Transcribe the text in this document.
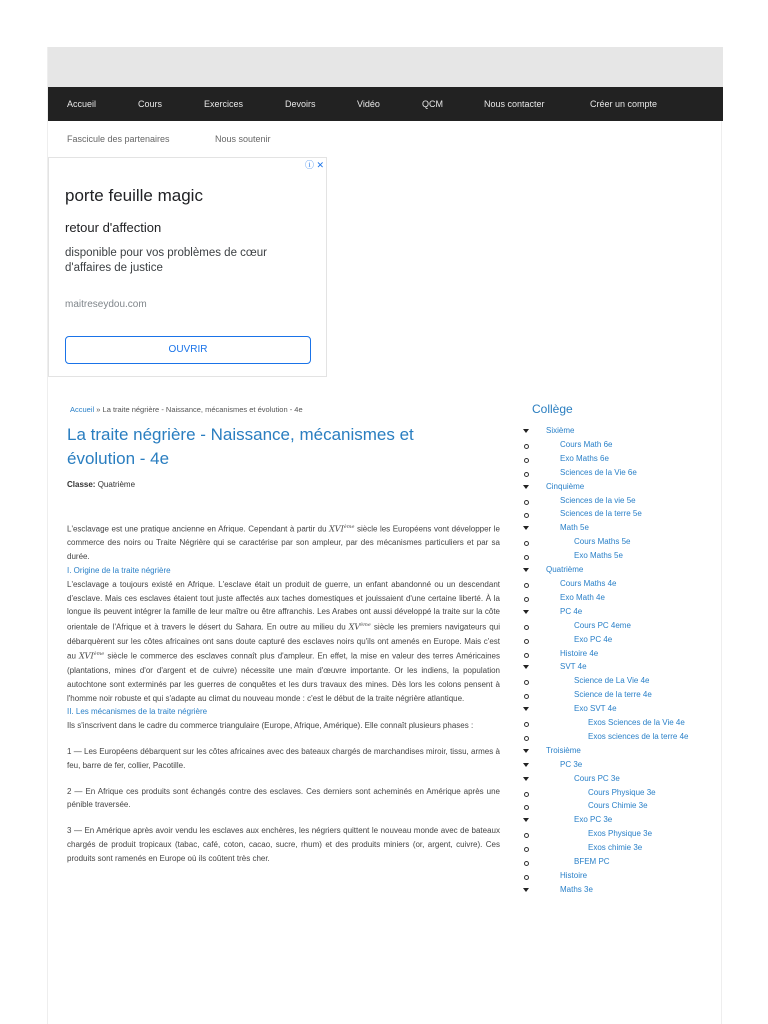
Accueil	Cours	Exercices	Devoirs	Vidéo	QCM	Nous contacter	Créer un compte
Fascicule des partenaires	Nous soutenir
ⓘ ✕
porte feuille magic
retour d'affection
disponible pour vos problèmes de cœur d'affaires de justice
maitreseydou.com
OUVRIR
Accueil » La traite négrière - Naissance, mécanismes et évolution - 4e
La traite négrière - Naissance, mécanismes et évolution - 4e
Classe: Quatrième

L'esclavage est une pratique ancienne en Afrique. Cependant à partir du XVIème siècle les Européens vont développer le commerce des noirs ou Traite Négrière qui se caractérise par son ampleur, par des mécanismes particuliers et par sa durée.

I. Origine de la traite négrière

L'esclavage a toujours existé en Afrique. L'esclave était un produit de guerre, un enfant abandonné ou un descendant d'esclave. Mais ces esclaves étaient tout juste affectés aux taches domestiques et jouissaient d'une certaine liberté. À la longue ils peuvent intégrer la famille de leur maître ou être affranchis. Les Arabes ont aussi développé la traite sur la côte orientale de l'Afrique et à travers le désert du Sahara. En outre au milieu du XVème siècle les premiers navigateurs qui débarquèrent sur les côtes africaines ont sans doute capturé des esclaves noirs qu'ils ont amenés en Europe. Mais c'est au XVIème siècle le commerce des esclaves connaît plus d'ampleur. En effet, la mise en valeur des terres Américaines (plantations, mines d'or d'argent et de cuivre) nécessite une main d'œuvre importante. Or les indiens, la population autochtone sont exterminés par les guerres de conquêtes et les durs travaux des mines. Dès lors les colons pensent à l'homme noir robuste et qui s'adapte au climat du nouveau monde : c'est le début de la traite négrière atlantique.

II. Les mécanismes de la traite négrière

Ils s'inscrivent dans le cadre du commerce triangulaire (Europe, Afrique, Amérique). Elle connaît plusieurs phases :

1 — Les Européens débarquent sur les côtes africaines avec des bateaux chargés de marchandises miroir, tissu, armes à feu, barre de fer, collier, Pacotille.

2 — En Afrique ces produits sont échangés contre des esclaves. Ces derniers sont acheminés en Amérique après une pénible traversée.

3 — En Amérique après avoir vendu les esclaves aux enchères, les négriers quittent le nouveau monde avec de bateaux chargés de produit tropicaux (tabac, café, coton, cacao, sucre, rhum) et des produits miniers (or, argent, cuivre). Ces produits sont ramenés en Europe où ils coûtent très cher.

Collège
Sixième
Cours Math 6e
Exo Maths 6e
Sciences de la Vie 6e
Cinquième
Sciences de la vie 5e
Sciences de la terre 5e
Math 5e
Cours Maths 5e
Exo Maths 5e
Quatrième
Cours Maths 4e
Exo Math 4e
PC 4e
Cours PC 4eme
Exo PC 4e
Histoire 4e
SVT 4e
Science de La Vie 4e
Science de la terre 4e
Exo SVT 4e
Exos Sciences de la Vie 4e
Exos sciences de la terre 4e
Troisième
PC 3e
Cours PC 3e
Cours Physique 3e
Cours Chimie 3e
Exo PC 3e
Exos Physique 3e
Exos chimie 3e
BFEM PC
Histoire
Maths 3e
